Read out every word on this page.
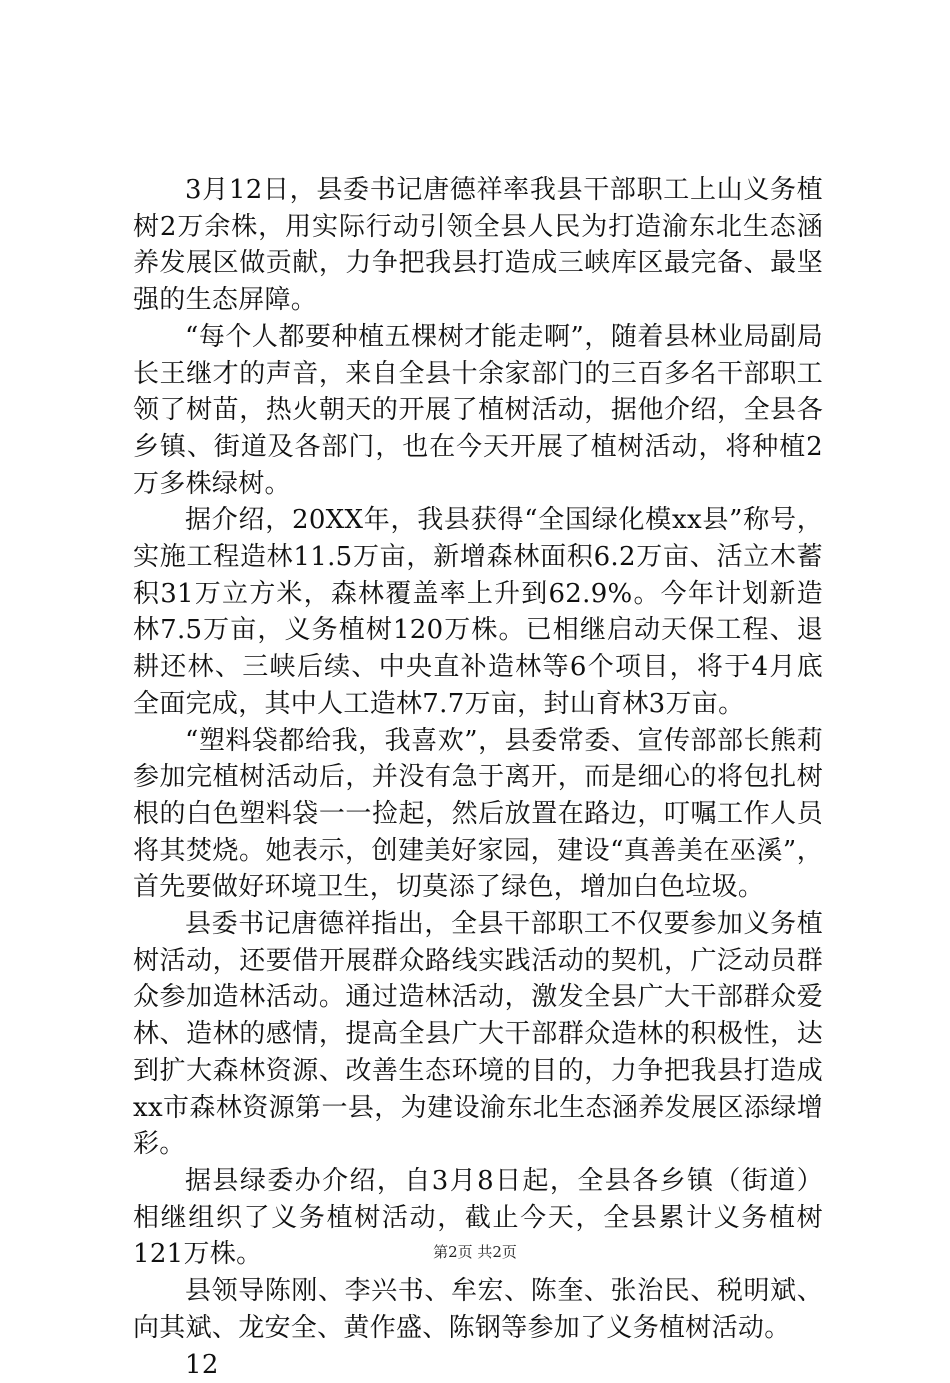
3月12日，县委书记唐德祥率我县干部职工上山义务植树2万余株，用实际行动引领全县人民为打造渝东北生态涵养发展区做贡献，力争把我县打造成三峡库区最完备、最坚强的生态屏障。

“每个人都要种植五棵树才能走啊”，随着县林业局副局长王继才的声音，来自全县十余家部门的三百多名干部职工领了树苗，热火朝天的开展了植树活动，据他介绍，全县各乡镇、街道及各部门，也在今天开展了植树活动，将种植2万多株绿树。

据介绍，20XX年，我县获得“全国绿化模xx县”称号，实施工程造林11.5万亩，新增森林面积6.2万亩、活立木蓄积31万立方米，森林覆盖率上升到62.9%。今年计划新造林7.5万亩，义务植树120万株。已相继启动天保工程、退耕还林、三峡后续、中央直补造林等6个项目，将于4月底全面完成，其中人工造林7.7万亩，封山育林3万亩。

“塑料袋都给我，我喜欢”，县委常委、宣传部部长熊莉参加完植树活动后，并没有急于离开，而是细心的将包扎树根的白色塑料袋一一捡起，然后放置在路边，叮嘱工作人员将其焚烧。她表示，创建美好家园，建设“真善美在巫溪”，首先要做好环境卫生，切莫添了绿色，增加白色垃圾。

县委书记唐德祥指出，全县干部职工不仅要参加义务植树活动，还要借开展群众路线实践活动的契机，广泛动员群众参加造林活动。通过造林活动，激发全县广大干部群众爱林、造林的感情，提高全县广大干部群众造林的积极性，达到扩大森林资源、改善生态环境的目的，力争把我县打造成xx市森林资源第一县，为建设渝东北生态涵养发展区添绿增彩。

据县绿委办介绍，自3月8日起，全县各乡镇（街道）相继组织了义务植树活动，截止今天，全县累计义务植树121万株。

县领导陈刚、李兴书、牟宏、陈奎、张治民、税明斌、向其斌、龙安全、黄作盛、陈钢等参加了义务植树活动。

12

第2页 共2页
